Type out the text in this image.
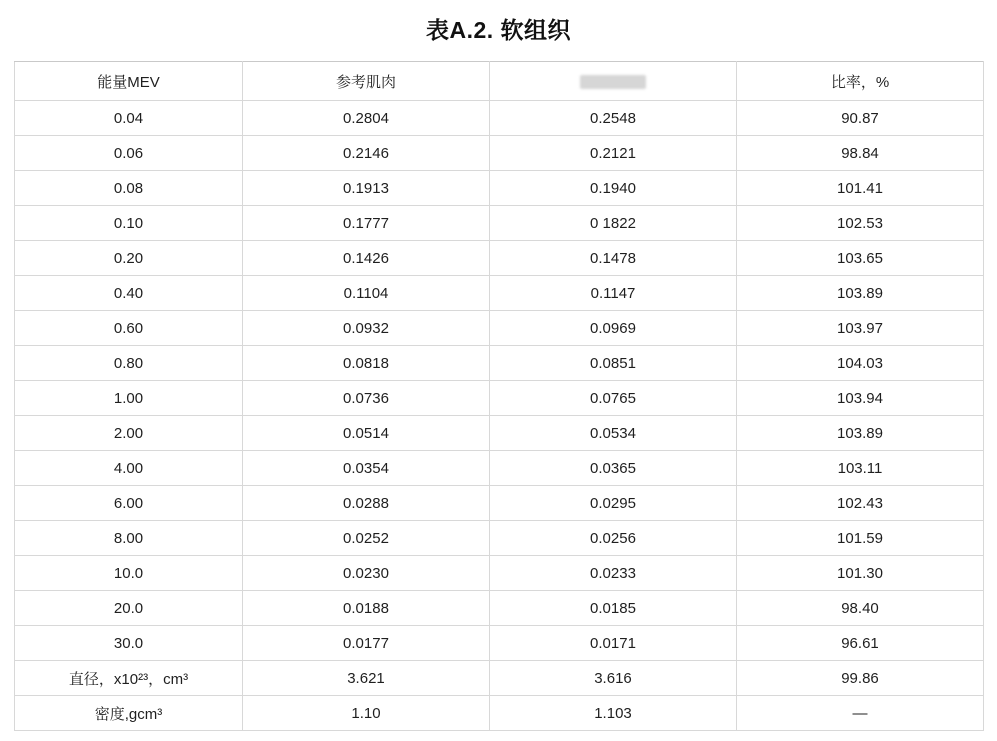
表A.2. 软组织
能量MEV	参考肌肉		比率，%
0.04	0.2804	0.2548	90.87
0.06	0.2146	0.2121	98.84
0.08	0.1913	0.1940	101.41
0.10	0.1777	0 1822	102.53
0.20	0.1426	0.1478	103.65
0.40	0.1104	0.1147	103.89
0.60	0.0932	0.0969	103.97
0.80	0.0818	0.0851	104.03
1.00	0.0736	0.0765	103.94
2.00	0.0514	0.0534	103.89
4.00	0.0354	0.0365	103.11
6.00	0.0288	0.0295	102.43
8.00	0.0252	0.0256	101.59
10.0	0.0230	0.0233	101.30
20.0	0.0188	0.0185	98.40
30.0	0.0177	0.0171	96.61
直径，x10²³，cm³	3.621	3.616	99.86
密度,gcm³	1.10	1.103	—
